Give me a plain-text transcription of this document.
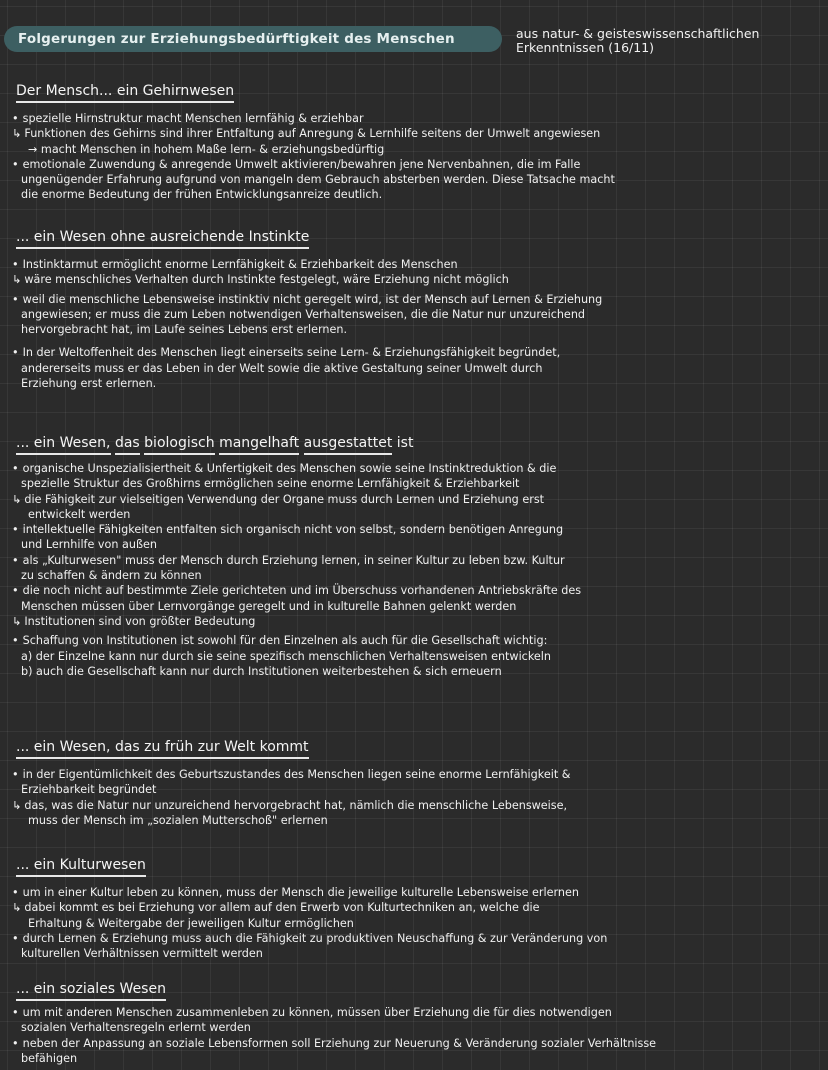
Folgerungen zur Erziehungsbedürftigkeit des Menschen	aus natur- & geisteswissenschaftlichen
Erkenntnissen (16/11)
Der Mensch... ein Gehirnwesen
• spezielle Hirnstruktur macht Menschen lernfähig & erziehbar
↳ Funktionen des Gehirns sind ihrer Entfaltung auf Anregung & Lernhilfe seitens der Umwelt angewiesen
→ macht Menschen in hohem Maße lern- & erziehungsbedürftig
• emotionale Zuwendung & anregende Umwelt aktivieren/bewahren jene Nervenbahnen, die im Falle
ungenügender Erfahrung aufgrund von mangeln dem Gebrauch absterben werden. Diese Tatsache macht
die enorme Bedeutung der frühen Entwicklungsanreize deutlich.
... ein Wesen ohne ausreichende Instinkte
• Instinktarmut ermöglicht enorme Lernfähigkeit & Erziehbarkeit des Menschen
↳ wäre menschliches Verhalten durch Instinkte festgelegt, wäre Erziehung nicht möglich
• weil die menschliche Lebensweise instinktiv nicht geregelt wird, ist der Mensch auf Lernen & Erziehung
angewiesen; er muss die zum Leben notwendigen Verhaltensweisen, die die Natur nur unzureichend
hervorgebracht hat, im Laufe seines Lebens erst erlernen.
• In der Weltoffenheit des Menschen liegt einerseits seine Lern- & Erziehungsfähigkeit begründet,
andererseits muss er das Leben in der Welt sowie die aktive Gestaltung seiner Umwelt durch
Erziehung erst erlernen.
... ein Wesen, das biologisch mangelhaft ausgestattet ist
• organische Unspezialisiertheit & Unfertigkeit des Menschen sowie seine Instinktreduktion & die
spezielle Struktur des Großhirns ermöglichen seine enorme Lernfähigkeit & Erziehbarkeit
↳ die Fähigkeit zur vielseitigen Verwendung der Organe muss durch Lernen und Erziehung erst
entwickelt werden
• intellektuelle Fähigkeiten entfalten sich organisch nicht von selbst, sondern benötigen Anregung
und Lernhilfe von außen
• als „Kulturwesen" muss der Mensch durch Erziehung lernen, in seiner Kultur zu leben bzw. Kultur
zu schaffen & ändern zu können
• die noch nicht auf bestimmte Ziele gerichteten und im Überschuss vorhandenen Antriebskräfte des
Menschen müssen über Lernvorgänge geregelt und in kulturelle Bahnen gelenkt werden
↳ Institutionen sind von größter Bedeutung
• Schaffung von Institutionen ist sowohl für den Einzelnen als auch für die Gesellschaft wichtig:
a) der Einzelne kann nur durch sie seine spezifisch menschlichen Verhaltensweisen entwickeln
b) auch die Gesellschaft kann nur durch Institutionen weiterbestehen & sich erneuern
... ein Wesen, das zu früh zur Welt kommt
• in der Eigentümlichkeit des Geburtszustandes des Menschen liegen seine enorme Lernfähigkeit &
Erziehbarkeit begründet
↳ das, was die Natur nur unzureichend hervorgebracht hat, nämlich die menschliche Lebensweise,
muss der Mensch im „sozialen Mutterschoß" erlernen
... ein Kulturwesen
• um in einer Kultur leben zu können, muss der Mensch die jeweilige kulturelle Lebensweise erlernen
↳ dabei kommt es bei Erziehung vor allem auf den Erwerb von Kulturtechniken an, welche die
Erhaltung & Weitergabe der jeweiligen Kultur ermöglichen
• durch Lernen & Erziehung muss auch die Fähigkeit zu produktiven Neuschaffung & zur Veränderung von
kulturellen Verhältnissen vermittelt werden
... ein soziales Wesen
• um mit anderen Menschen zusammenleben zu können, müssen über Erziehung die für dies notwendigen
sozialen Verhaltensregeln erlernt werden
• neben der Anpassung an soziale Lebensformen soll Erziehung zur Neuerung & Veränderung sozialer Verhältnisse
befähigen
